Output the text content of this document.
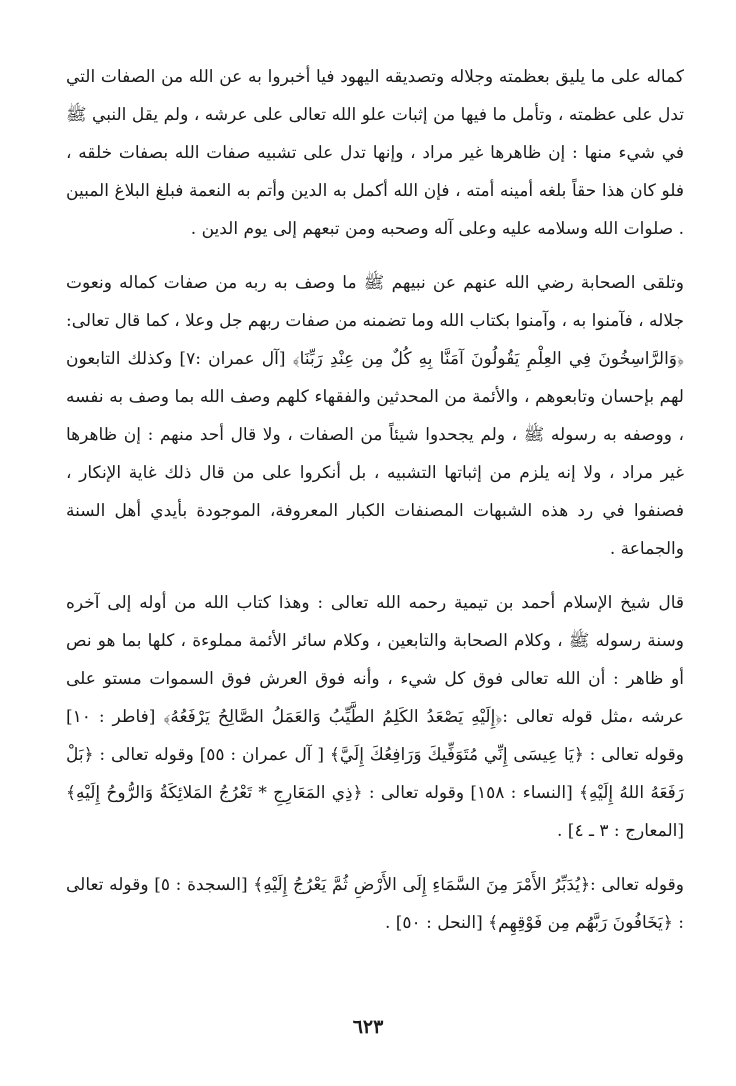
كماله على ما يليق بعظمته وجلاله وتصديقه اليهود فيا أخبروا به عن الله من الصفات التي تدل على عظمته ، وتأمل ما فيها من إثبات علو الله تعالى على عرشه ، ولم يقل النبي ﷺ في شيء منها : إن ظاهرها غير مراد ، وإنها تدل على تشبيه صفات الله بصفات خلقه ، فلو كان هذا حقاً بلغه أمينه أمته ، فإن الله أكمل به الدين وأتم به النعمة فبلغ البلاغ المبين . صلوات الله وسلامه عليه وعلى آله وصحبه ومن تبعهم إلى يوم الدين .

وتلقى الصحابة رضي الله عنهم عن نبيهم ﷺ ما وصف به ربه من صفات كماله ونعوت جلاله ، فآمنوا به ، وآمنوا بكتاب الله وما تضمنه من صفات ربهم جل وعلا ، كما قال تعالى: ﴿وَالرَّاسِخُونَ فِي العِلْمِ يَقُولُونَ آمَنَّا بِهِ كُلٌ مِن عِنْدِ رَبِّنَا﴾ [آل عمران :٧] وكذلك التابعون لهم بإحسان وتابعوهم ، والأئمة من المحدثين والفقهاء كلهم وصف الله بما وصف به نفسه ، ووصفه به رسوله ﷺ ، ولم يجحدوا شيئاً من الصفات ، ولا قال أحد منهم : إن ظاهرها غير مراد ، ولا إنه يلزم من إثباتها التشبيه ، بل أنكروا على من قال ذلك غاية الإنكار ، فصنفوا في رد هذه الشبهات المصنفات الكبار المعروفة، الموجودة بأيدي أهل السنة والجماعة .

قال شيخ الإسلام أحمد بن تيمية رحمه الله تعالى : وهذا كتاب الله من أوله إلى آخره وسنة رسوله ﷺ ، وكلام الصحابة والتابعين ، وكلام سائر الأئمة مملوءة ، كلها بما هو نص أو ظاهر : أن الله تعالى فوق كل شيء ، وأنه فوق العرش فوق السموات مستو على عرشه ،مثل قوله تعالى :﴿إِلَيْهِ يَصْعَدُ الكَلِمُ الطَّيِّبُ وَالعَمَلُ الصَّالِحُ يَرْفَعُهُ﴾ [فاطر : ١٠] وقوله تعالى : ﴿يَا عِيسَى إِنِّي مُتَوَفِّيكَ وَرَافِعُكَ إِلَيَّ﴾ [ آل عمران : ٥٥] وقوله تعالى : ﴿بَلْ رَفَعَهُ اللهُ إِلَيْهِ﴾ [النساء : ١٥٨] وقوله تعالى : ﴿ذِي المَعَارِجِ * تَعْرُجُ المَلائِكَةُ وَالرُّوحُ إِلَيْهِ﴾ [المعارج : ٣ ـ ٤] .

وقوله تعالى :﴿يُدَبِّرُ الأَمْرَ مِنَ السَّمَاءِ إِلَى الأَرْضِ ثُمَّ يَعْرُجُ إِلَيْهِ﴾ [السجدة : ٥] وقوله تعالى : ﴿يَخَافُونَ رَبَّهُم مِن فَوْقِهِم﴾ [النحل : ٥٠] .

٦٢٣
